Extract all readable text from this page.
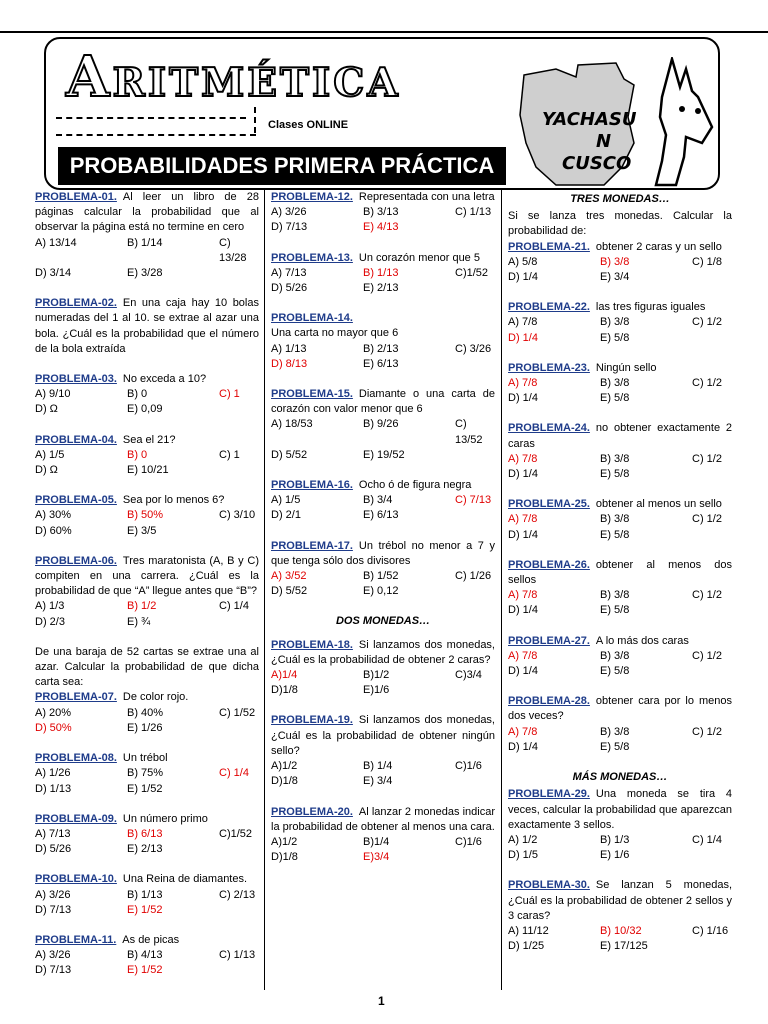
Aritmética
Clases ONLINE
PROBABILIDADES PRIMERA PRÁCTICA
YACHASU
N
CUSCO
PROBLEMA-01. Al leer un libro de 28 páginas calcular la probabilidad que al observar la página está no termine en cero
A) 13/14	B) 1/14	C) 13/28
D) 3/14	E) 3/28
PROBLEMA-02. En una caja hay 10 bolas numeradas del 1 al 10. se extrae al azar una bola. ¿Cuál es la probabilidad que el número de la bola extraída
PROBLEMA-03. No exceda a 10?
A) 9/10	B) 0	C) 1
D) Ω	E) 0,09
PROBLEMA-04. Sea el 21?
A) 1/5	B) 0	C) 1
D) Ω	E) 10/21
PROBLEMA-05. Sea por lo menos 6?
A) 30%	B) 50%	C) 3/10
D) 60%	E) 3/5
PROBLEMA-06. Tres maratonista (A, B y C) compiten en una carrera. ¿Cuál es la probabilidad de que “A” llegue antes que “B”?
A) 1/3	B) 1/2	C) 1/4
D) 2/3	E) ¾
De una baraja de 52 cartas se extrae una al azar. Calcular la probabilidad de que dicha carta sea:
PROBLEMA-07. De color rojo.
A) 20%	B) 40%	C) 1/52
D) 50%	E) 1/26
PROBLEMA-08. Un trébol
A) 1/26	B) 75%	C) 1/4
D) 1/13	E) 1/52
PROBLEMA-09. Un número primo
A) 7/13	B) 6/13	C)1/52
D) 5/26	E) 2/13
PROBLEMA-10. Una Reina de diamantes.
A) 3/26	B) 1/13	C) 2/13
D) 7/13	E) 1/52
PROBLEMA-11. As de picas
A) 3/26	B) 4/13	C) 1/13
D) 7/13	E) 1/52
PROBLEMA-12. Representada con una letra
A) 3/26	B) 3/13	C) 1/13
D) 7/13	E) 4/13
PROBLEMA-13. Un corazón menor que 5
A) 7/13	B) 1/13	C)1/52
D) 5/26	E) 2/13
PROBLEMA-14.
Una carta no mayor que 6
A) 1/13	B) 2/13	C) 3/26
D) 8/13	E) 6/13
PROBLEMA-15. Diamante o una carta de corazón con valor menor que 6
A) 18/53	B) 9/26	C) 13/52
D) 5/52	E) 19/52
PROBLEMA-16. Ocho ó de figura negra
A) 1/5	B) 3/4	C) 7/13
D) 2/1	E) 6/13
PROBLEMA-17. Un trébol no menor a 7 y que tenga sólo dos divisores
A) 3/52	B) 1/52	C) 1/26
D) 5/52	E) 0,12
DOS MONEDAS…
PROBLEMA-18. Si lanzamos dos monedas, ¿Cuál es la probabilidad de obtener 2 caras?
A)1/4	B)1/2	C)3/4
D)1/8	E)1/6
PROBLEMA-19. Si lanzamos dos monedas, ¿Cuál es la probabilidad de obtener ningún sello?
A)1/2	B) 1/4	C)1/6
D)1/8	E) 3/4
PROBLEMA-20. Al lanzar 2 monedas indicar la probabilidad de obtener al menos una cara.
A)1/2	B)1/4	C)1/6
D)1/8	E)3/4
TRES MONEDAS…
Si se lanza tres monedas. Calcular la probabilidad de:
PROBLEMA-21. obtener 2 caras y un sello
A) 5/8	B) 3/8	C) 1/8
D) 1/4	E) 3/4
PROBLEMA-22. las tres figuras iguales
A) 7/8	B) 3/8	C) 1/2
D) 1/4	E) 5/8
PROBLEMA-23. Ningún sello
A) 7/8	B) 3/8	C) 1/2
D) 1/4	E) 5/8
PROBLEMA-24. no obtener exactamente 2 caras
A) 7/8	B) 3/8	C) 1/2
D) 1/4	E) 5/8
PROBLEMA-25. obtener al menos un sello
A) 7/8	B) 3/8	C) 1/2
D) 1/4	E) 5/8
PROBLEMA-26. obtener al menos dos sellos
A) 7/8	B) 3/8	C) 1/2
D) 1/4	E) 5/8
PROBLEMA-27. A lo más dos caras
A) 7/8	B) 3/8	C) 1/2
D) 1/4	E) 5/8
PROBLEMA-28. obtener cara por lo menos dos veces?
A) 7/8	B) 3/8	C) 1/2
D) 1/4	E) 5/8
MÁS MONEDAS…
PROBLEMA-29. Una moneda se tira 4 veces, calcular la probabilidad que aparezcan exactamente 3 sellos.
A) 1/2	B) 1/3	C) 1/4
D) 1/5	E) 1/6
PROBLEMA-30. Se lanzan 5 monedas, ¿Cuál es la probabilidad de obtener 2 sellos y 3 caras?
A) 11/12	B) 10/32	C) 1/16
D) 1/25	E) 17/125
1
